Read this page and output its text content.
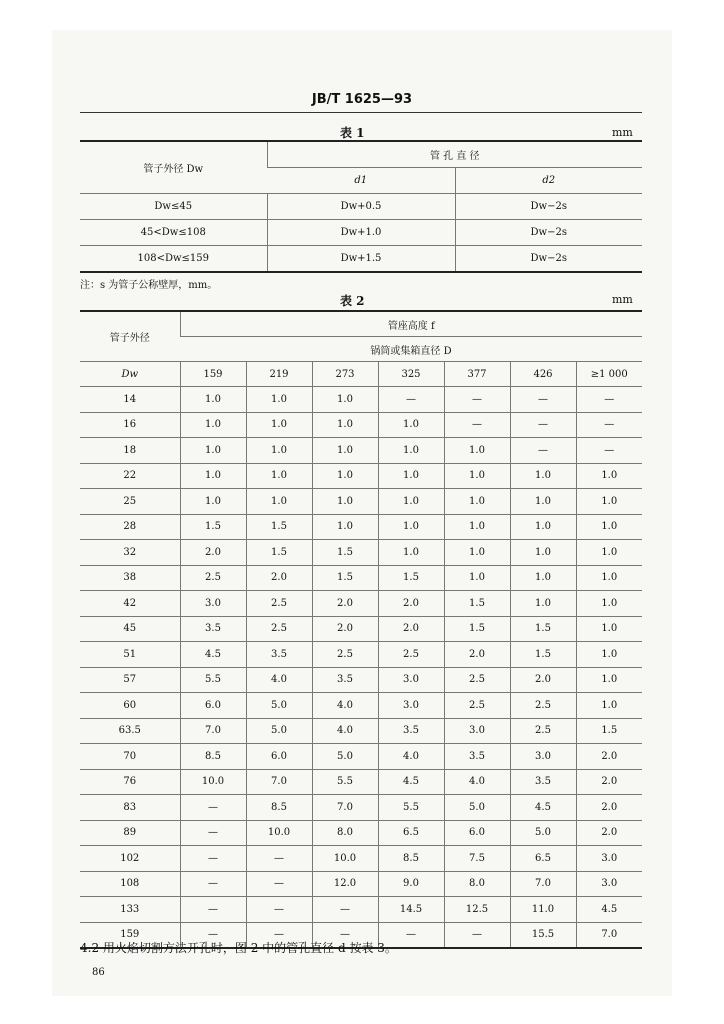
JB/T 1625—93
表 1	mm
管子外径 Dw	管 孔 直 径	
	d1	d2
Dw≤45	Dw+0.5	Dw−2s
45<Dw≤108	Dw+1.0	Dw−2s
108<Dw≤159	Dw+1.5	Dw−2s
注：s 为管子公称壁厚，mm。
表 2	mm
管子外径	管座高度 f						
	锅筒或集箱直径 D						
Dw	159	219	273	325	377	426	≥1 000
14	1.0	1.0	1.0	—	—	—	—
16	1.0	1.0	1.0	1.0	—	—	—
18	1.0	1.0	1.0	1.0	1.0	—	—
22	1.0	1.0	1.0	1.0	1.0	1.0	1.0
25	1.0	1.0	1.0	1.0	1.0	1.0	1.0
28	1.5	1.5	1.0	1.0	1.0	1.0	1.0
32	2.0	1.5	1.5	1.0	1.0	1.0	1.0
38	2.5	2.0	1.5	1.5	1.0	1.0	1.0
42	3.0	2.5	2.0	2.0	1.5	1.0	1.0
45	3.5	2.5	2.0	2.0	1.5	1.5	1.0
51	4.5	3.5	2.5	2.5	2.0	1.5	1.0
57	5.5	4.0	3.5	3.0	2.5	2.0	1.0
60	6.0	5.0	4.0	3.0	2.5	2.5	1.0
63.5	7.0	5.0	4.0	3.5	3.0	2.5	1.5
70	8.5	6.0	5.0	4.0	3.5	3.0	2.0
76	10.0	7.0	5.5	4.5	4.0	3.5	2.0
83	—	8.5	7.0	5.5	5.0	4.5	2.0
89	—	10.0	8.0	6.5	6.0	5.0	2.0
102	—	—	10.0	8.5	7.5	6.5	3.0
108	—	—	12.0	9.0	8.0	7.0	3.0
133	—	—	—	14.5	12.5	11.0	4.5
159	—	—	—	—	—	15.5	7.0
4.2 用火焰切割方法开孔时，图 2 中的管孔直径 d 按表 3。
86
